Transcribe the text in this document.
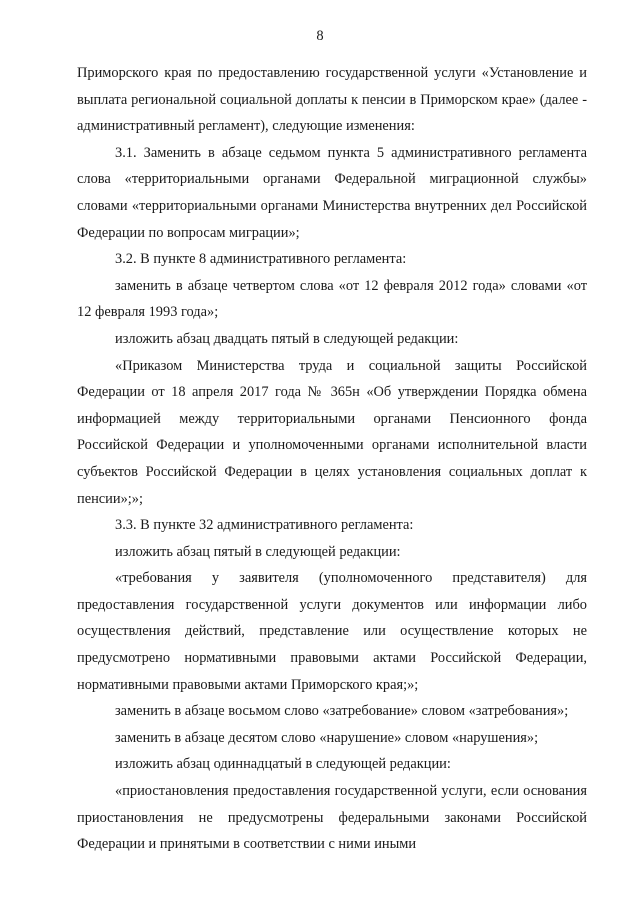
8

Приморского края по предоставлению государственной услуги «Установление и выплата региональной социальной доплаты к пенсии в Приморском крае» (далее - административный регламент), следующие изменения:

3.1. Заменить в абзаце седьмом пункта 5 административного регламента слова «территориальными органами Федеральной миграционной службы» словами «территориальными органами Министерства внутренних дел Российской Федерации по вопросам миграции»;

3.2. В пункте 8 административного регламента:

заменить в абзаце четвертом слова «от 12 февраля 2012 года» словами «от 12 февраля 1993 года»;

изложить абзац двадцать пятый в следующей редакции:

«Приказом Министерства труда и социальной защиты Российской Федерации от 18 апреля 2017 года № 365н «Об утверждении Порядка обмена информацией между территориальными органами Пенсионного фонда Российской Федерации и уполномоченными органами исполнительной власти субъектов Российской Федерации в целях установления социальных доплат к пенсии»;»;

3.3. В пункте 32 административного регламента:

изложить абзац пятый в следующей редакции:

«требования у заявителя (уполномоченного представителя) для предоставления государственной услуги документов или информации либо осуществления действий, представление или осуществление которых не предусмотрено нормативными правовыми актами Российской Федерации, нормативными правовыми актами Приморского края;»;

заменить в абзаце восьмом слово «затребование» словом «затребования»;

заменить в абзаце десятом слово «нарушение» словом «нарушения»;

изложить абзац одиннадцатый в следующей редакции:

«приостановления предоставления государственной услуги, если основания приостановления не предусмотрены федеральными законами Российской Федерации и принятыми в соответствии с ними иными
